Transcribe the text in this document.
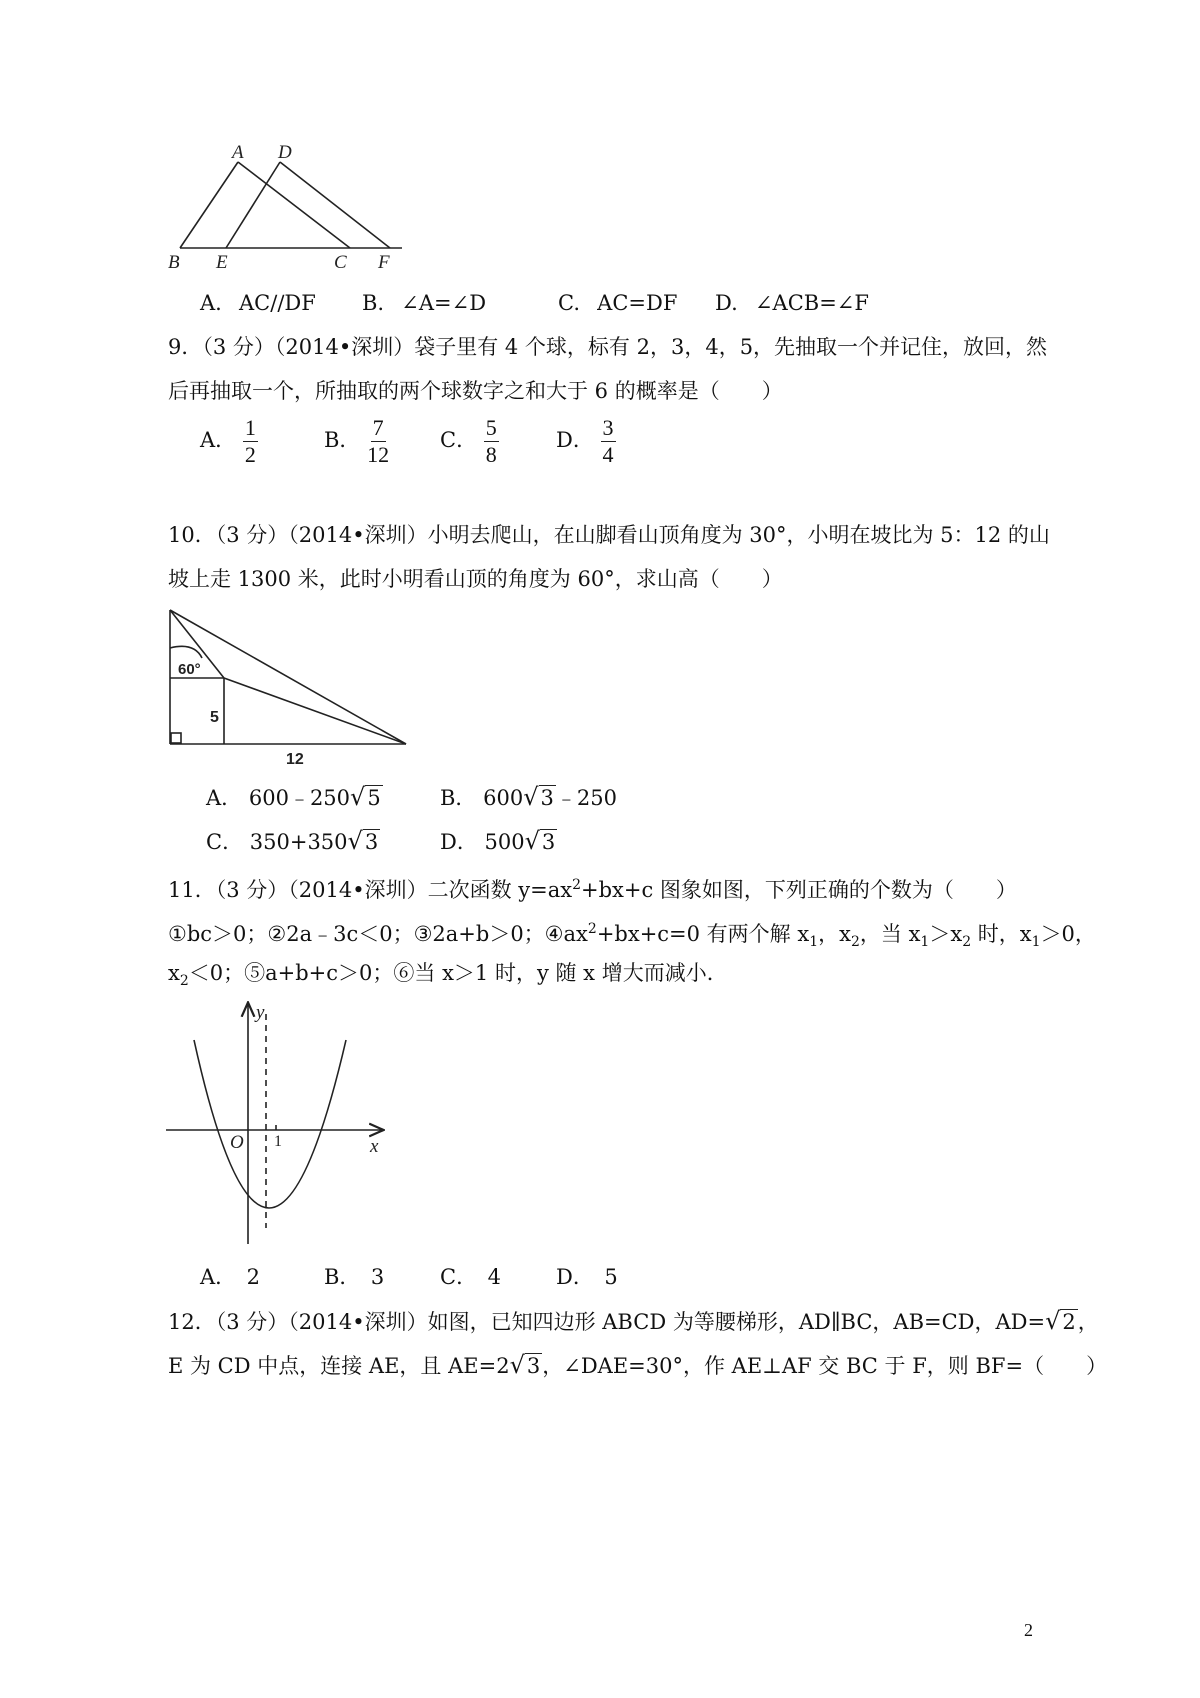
A D
B E	C F
A.  AC∕∕DF B.  ∠A=∠D	C.  AC=DF D.  ∠ACB=∠F
9．（3 分）（2014•深圳）袋子里有 4 个球，标有 2，3，4，5，先抽取一个并记住，放回，然
后再抽取一个，所抽取的两个球数字之和大于 6 的概率是（　　）
A． $\frac{1}{2}$	B． $\frac{7}{12}$ C． $\frac{5}{8}$	D． $\frac{3}{4}$
10．（3 分）（2014•深圳）小明去爬山，在山脚看山顶角度为 30°，小明在坡比为 5：12 的山
坡上走 1300 米，此时小明看山顶的角度为 60°，求山高（　　）
60°
5
12
A． 600﹣250√5	B． 600√3﹣250
C． 350+350√3	D． 500√3
11．（3 分）（2014•深圳）二次函数 $y=ax^2+bx+c$ 图象如图，下列正确的个数为（　　）
①bc＞0；②2a﹣3c＜0；③2a+b＞0；$④ax^2+bx+c=0$ 有两个解 $x_1$，$x_2$，当 $x_1>x_2$ 时，$x_1>0$，
$x_2<0$；⑤a+b+c＞0；⑥当 x＞1 时，y 随 x 增大而减小．
y
x
O 1
A．　2	B．　3	C．　4	D．　5
12．（3 分）（2014•深圳）如图，已知四边形 ABCD 为等腰梯形，AD∥BC，AB=CD，AD=√2，
E 为 CD 中点，连接 AE，且 AE=2√3，∠DAE=30°，作 AE⊥AF 交 BC 于 F，则 BF=（　　）
2
